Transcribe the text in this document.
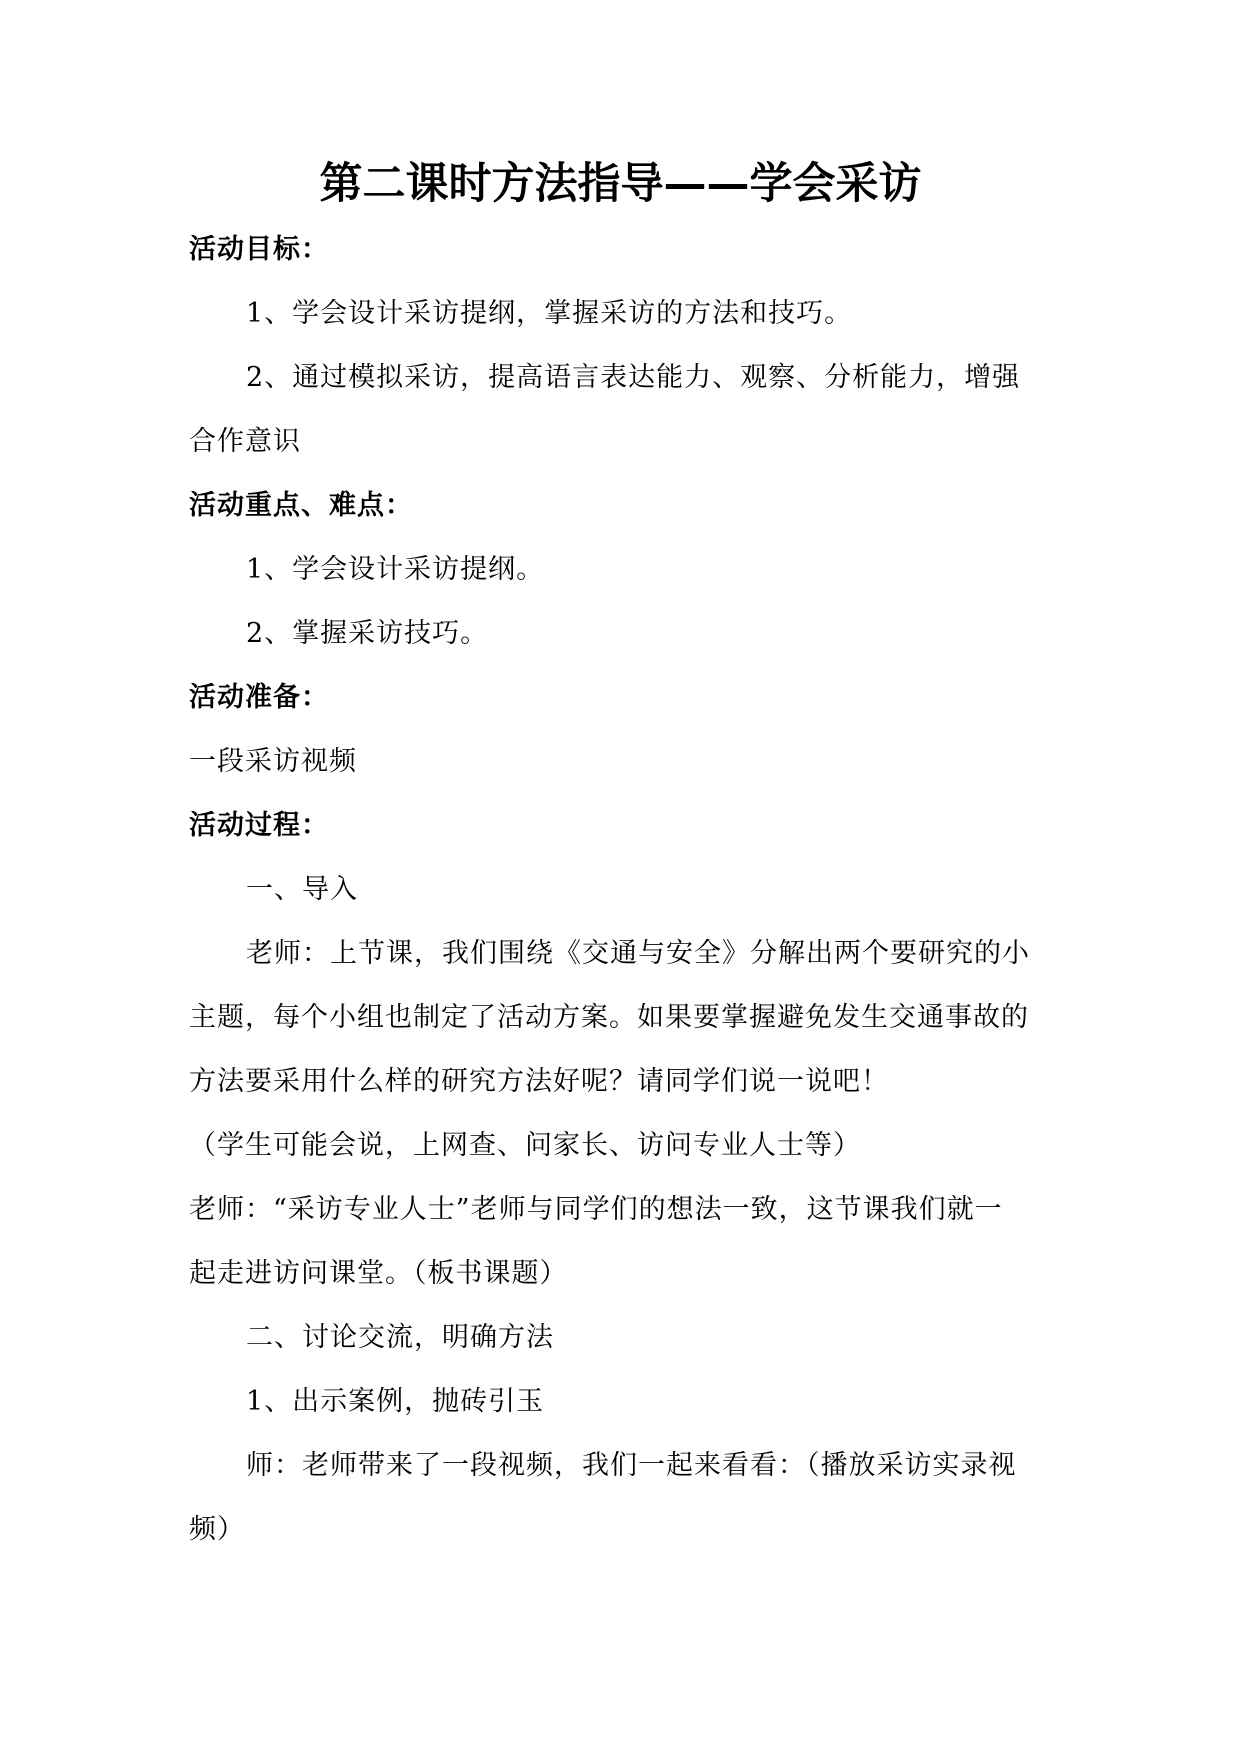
第二课时方法指导——学会采访
活动目标：
1、学会设计采访提纲，掌握采访的方法和技巧。
2、通过模拟采访，提高语言表达能力、观察、分析能力，增强
合作意识
活动重点、难点：
1、学会设计采访提纲。
2、掌握采访技巧。
活动准备：
一段采访视频
活动过程：
一、导入
老师：上节课，我们围绕《交通与安全》分解出两个要研究的小
主题，每个小组也制定了活动方案。如果要掌握避免发生交通事故的
方法要采用什么样的研究方法好呢？请同学们说一说吧！
（学生可能会说，上网查、问家长、访问专业人士等）
老师：“采访专业人士”老师与同学们的想法一致，这节课我们就一
起走进访问课堂。（板书课题）
二、讨论交流，明确方法
1、出示案例，抛砖引玉
师：老师带来了一段视频，我们一起来看看：（播放采访实录视
频）
